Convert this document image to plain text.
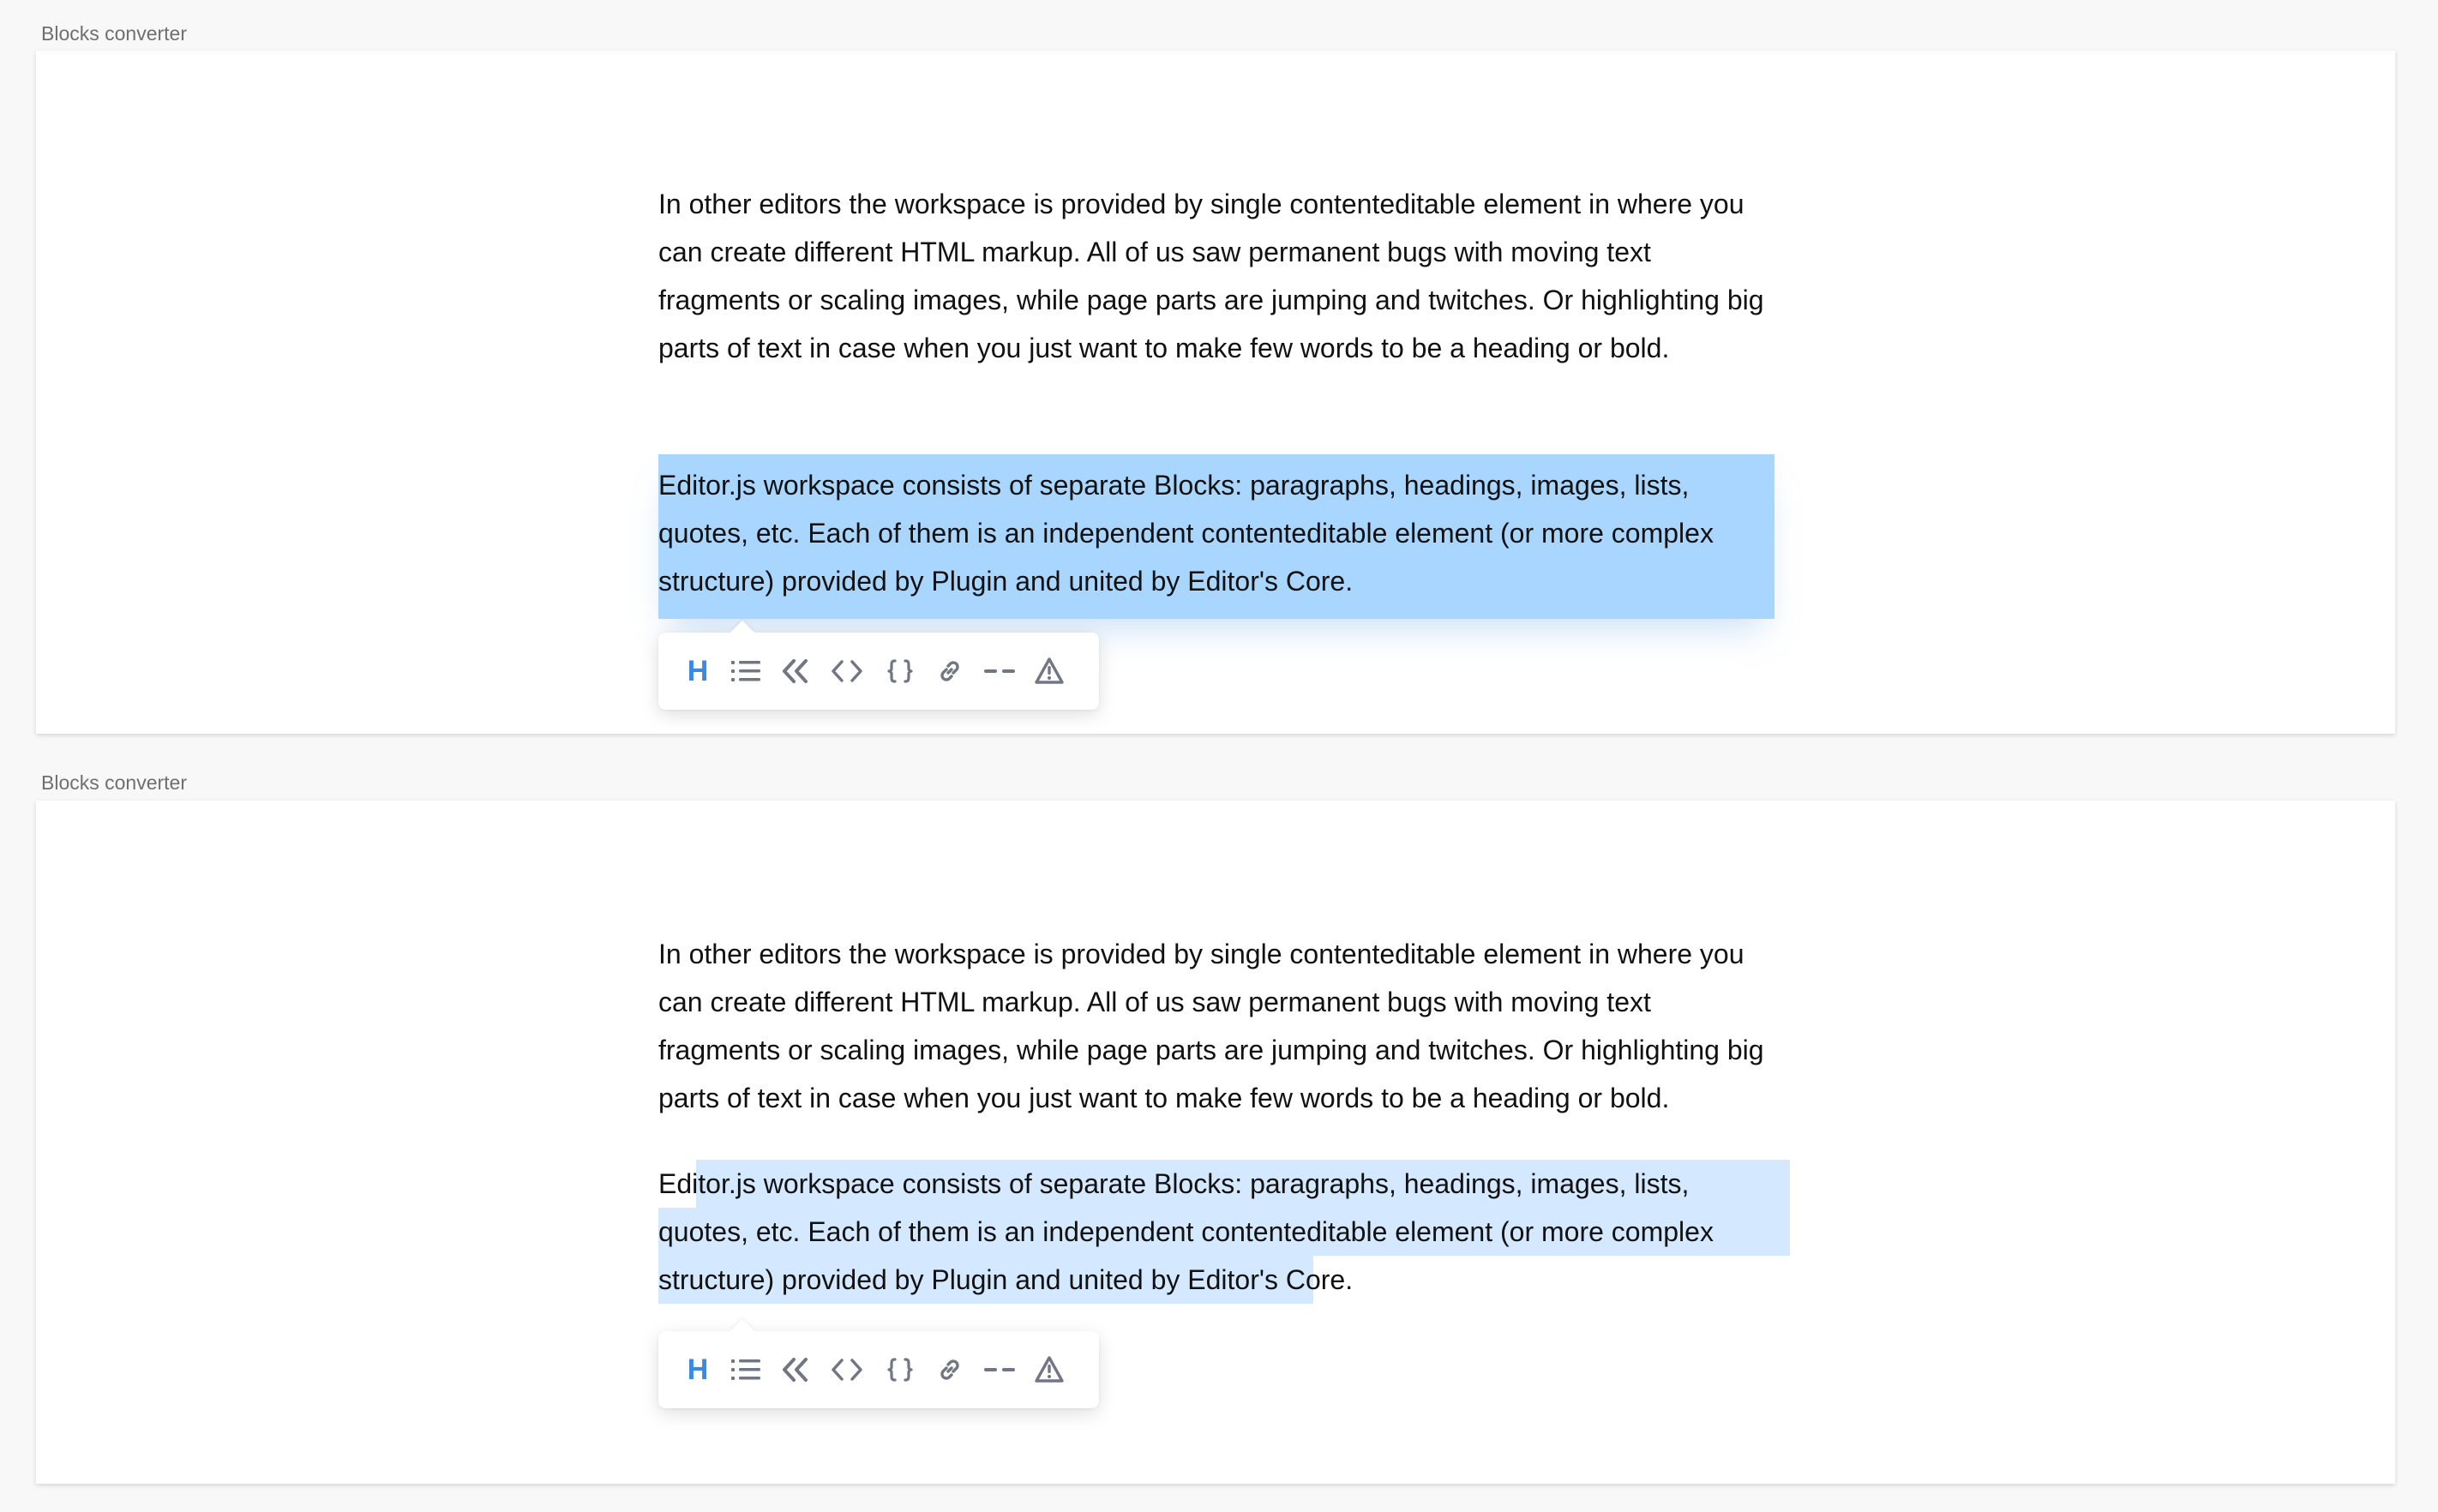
Blocks converter

In other editors the workspace is provided by single contenteditable element in where you can create different HTML markup. All of us saw permanent bugs with moving text fragments or scaling images, while page parts are jumping and twitches. Or highlighting big parts of text in case when you just want to make few words to be a heading or bold.

Editor.js workspace consists of separate Blocks: paragraphs, headings, images, lists, quotes, etc. Each of them is an independent contenteditable element (or more complex structure) provided by Plugin and united by Editor's Core.

H
Blocks converter

In other editors the workspace is provided by single contenteditable element in where you can create different HTML markup. All of us saw permanent bugs with moving text fragments or scaling images, while page parts are jumping and twitches. Or highlighting big parts of text in case when you just want to make few words to be a heading or bold.

Editor.js workspace consists of separate Blocks: paragraphs, headings, images, lists, quotes, etc. Each of them is an independent contenteditable element (or more complex structure) provided by Plugin and united by Editor's Core.

H
